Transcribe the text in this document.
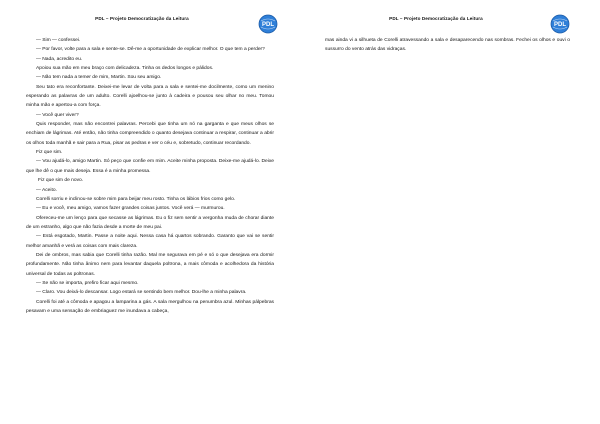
PDL – Projeto Democratização da Leitura
PDL

— Sim — confessei.

— Por favor, volte para a sala e sente-se. Dê-me a oportunidade de explicar melhor. O que tem a perder?

— Nada, acredito eu.

Apoiou sua mão em meu braço com delicadeza. Tinha os dedos longos e pálidos.

— Não tem nada a temer de mim, Martin. Sou seu amigo.

Seu tato era reconfortante. Deixei-me levar de volta para a sala e sentei-me docilmente, como um menino esperando as palavras de um adulto. Corelli ajoelhou-se junto à cadeira e pousou seu olhar no meu. Tomou minha mão e apertou-a com força.

— Você quer viver?

Quis responder, mas não encontrei palavras. Percebi que tinha um nó na garganta e que meus olhos se enchiam de lágrimas. Até então, não tinha compreendido o quanto desejava continuar a respirar, continuar a abrir os olhos toda manhã e sair para a Rua, pisar as pedras e ver o céu e, sobretudo, continuar recordando.

Fiz que sim.

— Vou ajudá-lo, amigo Martin. Só peço que confie em mim. Aceite minha proposta. Deixe-me ajudá-lo. Deixe que lhe dê o que mais deseja. Essa é a minha promessa.

Fiz que sim de novo.

— Aceito.

Corelli sorriu e inclinou-se sobre mim para beijar meu rosto. Tinha os lábios frios como gelo.

— Eu e você, meu amigo, vamos fazer grandes coisas juntos. Você verá — murmurou.

Ofereceu-me um lenço para que secasse as lágrimas. Eu o fiz sem sentir a vergonha muda de chorar diante de um estranho, algo que não fazia desde a morte de meu pai.

— Está esgotado, Martin. Passe a noite aqui. Nessa casa há quartos sobrando. Garanto que vai se sentir melhor amanhã e verá as coisas com mais clareza.

Dei de ombros, mas sabia que Corelli tinha razão. Mal me segurava em pé e só o que desejava era dormir profundamente. Não tinha ânimo nem para levantar daquela poltrona, a mais cômoda e acolhedora da história universal de todas as poltronas.

— Se não se importa, prefiro ficar aqui mesmo.

— Claro. Vou deixá-lo descansar. Logo estará se sentindo bem melhor. Dou-lhe a minha palavra.

Corelli foi até a cômoda e apagou a lamparina a gás. A sala mergulhou na penumbra azul. Minhas pálpebras pesavam e uma sensação de embriaguez me inundava a cabeça,

PDL – Projeto Democratização da Leitura
PDL

mas ainda vi a silhueta de Corelli atravessando a sala e desaparecendo nas sombras. Fechei os olhos e ouvi o sussurro do vento atrás das vidraças.
